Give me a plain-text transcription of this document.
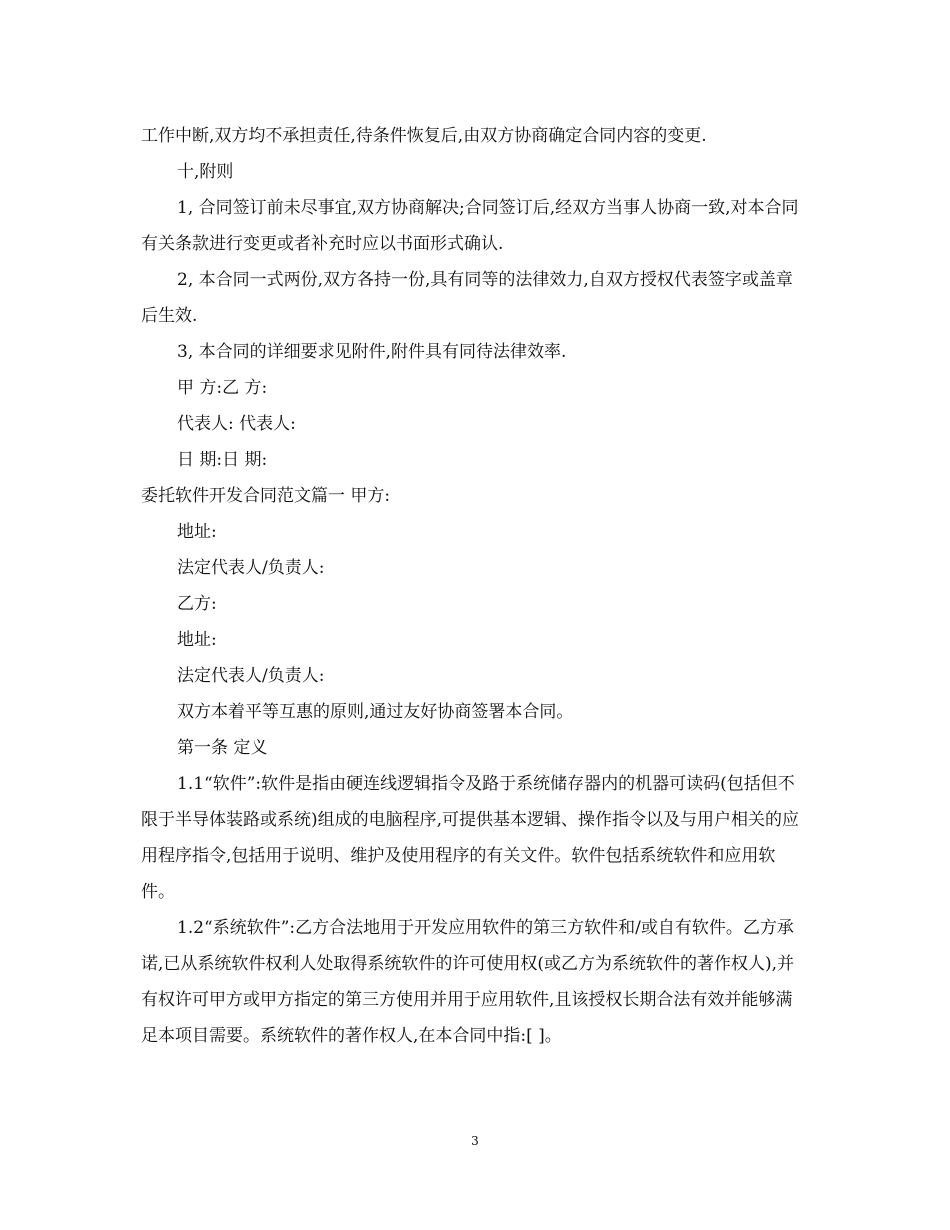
工作中断,双方均不承担责任,待条件恢复后,由双方协商确定合同内容的变更.

十,附则

1, 合同签订前未尽事宜,双方协商解决;合同签订后,经双方当事人协商一致,对本合同有关条款进行变更或者补充时应以书面形式确认.

2, 本合同一式两份,双方各持一份,具有同等的法律效力,自双方授权代表签字或盖章后生效.

3, 本合同的详细要求见附件,附件具有同待法律效率.

甲 方:乙 方:

代表人: 代表人:

日 期:日 期:

委托软件开发合同范文篇一 甲方:

地址:

法定代表人/负责人:

乙方:

地址:

法定代表人/负责人:

双方本着平等互惠的原则,通过友好协商签署本合同。

第一条 定义

1.1“软件”:软件是指由硬连线逻辑指令及路于系统储存器内的机器可读码(包括但不限于半导体装路或系统)组成的电脑程序,可提供基本逻辑、操作指令以及与用户相关的应用程序指令,包括用于说明、维护及使用程序的有关文件。软件包括系统软件和应用软件。

1.2“系统软件”:乙方合法地用于开发应用软件的第三方软件和/或自有软件。乙方承诺,已从系统软件权利人处取得系统软件的许可使用权(或乙方为系统软件的著作权人),并有权许可甲方或甲方指定的第三方使用并用于应用软件,且该授权长期合法有效并能够满足本项目需要。系统软件的著作权人,在本合同中指:[ ]。

3
